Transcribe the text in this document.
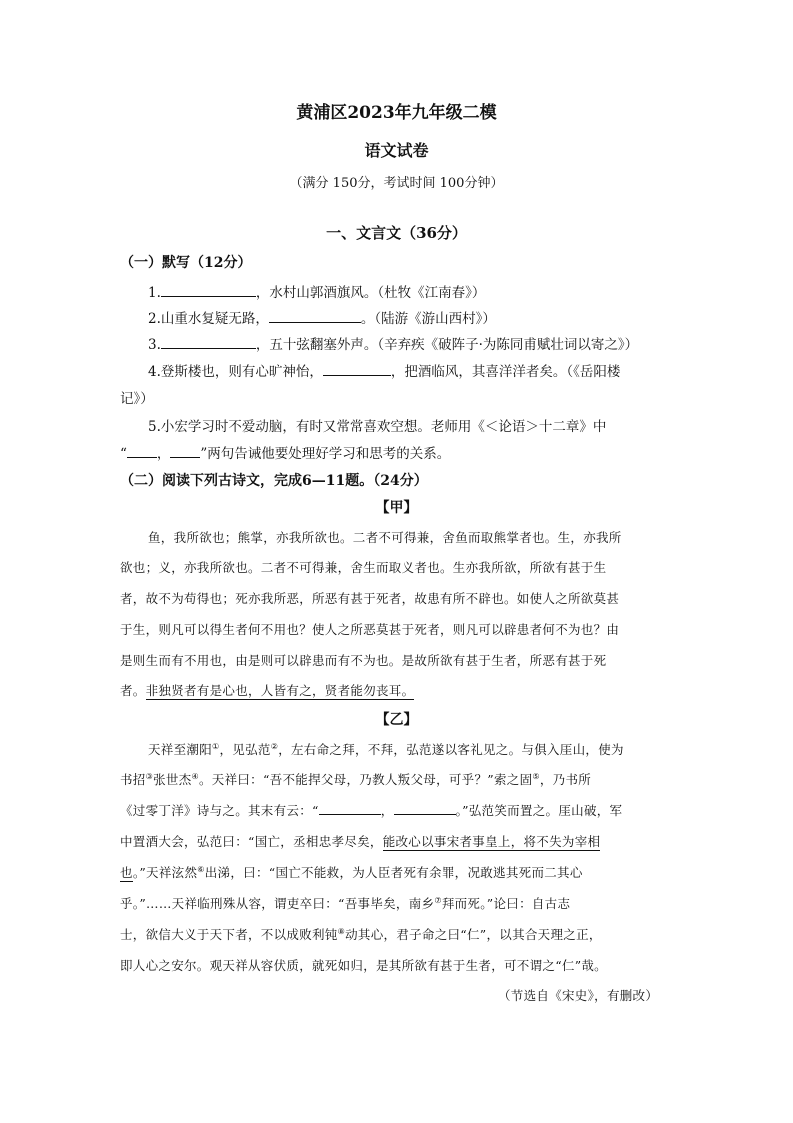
黄浦区2023年九年级二模
语文试卷
（满分 150分，考试时间 100分钟）
一、文言文（36分）
（一）默写（12分）
1.	，水村山郭酒旗风。（杜牧《江南春》）
2.山重水复疑无路，	。（陆游《游山西村》）
3.	，五十弦翻塞外声。（辛弃疾《破阵子·为陈同甫赋壮词以寄之》）
4.登斯楼也，则有心旷神怡，	，把酒临风，其喜洋洋者矣。（《岳阳楼
记》）
5.小宏学习时不爱动脑，有时又常常喜欢空想。老师用《＜论语＞十二章》中
“ ， ”两句告诫他要处理好学习和思考的关系。
（二）阅读下列古诗文，完成6—11题。（24分）
【甲】
鱼，我所欲也；熊掌，亦我所欲也。二者不可得兼，舍鱼而取熊掌者也。生，亦我所
欲也；义，亦我所欲也。二者不可得兼，舍生而取义者也。生亦我所欲，所欲有甚于生
者，故不为苟得也；死亦我所恶，所恶有甚于死者，故患有所不辟也。如使人之所欲莫甚
于生，则凡可以得生者何不用也？使人之所恶莫甚于死者，则凡可以辟患者何不为也？由
是则生而有不用也，由是则可以辟患而有不为也。是故所欲有甚于生者，所恶有甚于死
者。非独贤者有是心也，人皆有之，贤者能勿丧耳。
【乙】
天祥至潮阳①，见弘范②，左右命之拜，不拜，弘范遂以客礼见之。与俱入厓山，使为
书招③张世杰④。天祥曰：“吾不能捍父母，乃教人叛父母，可乎？”索之固⑤，乃书所
《过零丁洋》诗与之。其末有云：“	，	。”弘范笑而置之。厓山破，军
中置酒大会，弘范曰：“国亡，丞相忠孝尽矣，能改心以事宋者事皇上，将不失为宰相
也。”天祥泫然⑥出涕，曰：“国亡不能救，为人臣者死有余罪，况敢逃其死而二其心
乎。”……天祥临刑殊从容，谓吏卒曰：“吾事毕矣，南乡⑦拜而死。”论曰：自古志
士，欲信大义于天下者，不以成败利钝⑧动其心，君子命之曰“仁”，以其合天理之正，
即人心之安尔。观天祥从容伏质，就死如归，是其所欲有甚于生者，可不谓之“仁”哉。
（节选自《宋史》，有删改）
